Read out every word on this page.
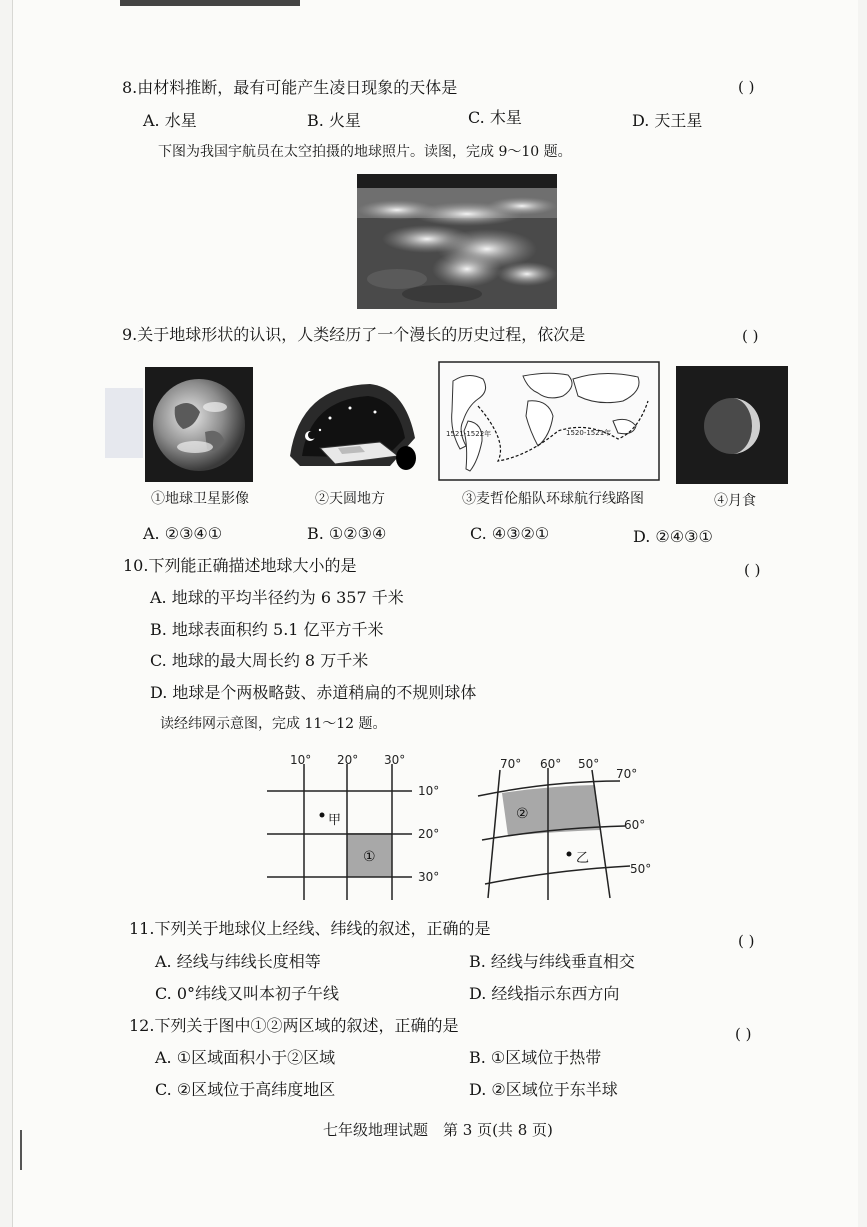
8.由材料推断，最有可能产生凌日现象的天体是	( )
A. 水星	B. 火星	C. 木星	D. 天王星
下图为我国宇航员在太空拍摄的地球照片。读图，完成 9～10 题。
9.关于地球形状的认识，人类经历了一个漫长的历史过程，依次是	( )
①地球卫星影像	②天圆地方
1521-1522年	1520-1521年
③麦哲伦船队环球航行线路图	④月食
A. ②③④①	B. ①②③④	C. ④③②①	D. ②④③①
10.下列能正确描述地球大小的是	( )
A. 地球的平均半径约为 6 357 千米
B. 地球表面积约 5.1 亿平方千米
C. 地球的最大周长约 8 万千米
D. 地球是个两极略鼓、赤道稍扁的不规则球体
读经纬网示意图，完成 11～12 题。
10° 20° 30°
10°
20°
30°
甲
①
70° 60° 50°
70°
60°
50°
②
乙
11.下列关于地球仪上经线、纬线的叙述，正确的是
( )
A. 经线与纬线长度相等	B. 经线与纬线垂直相交
C. 0°纬线又叫本初子午线	D. 经线指示东西方向
12.下列关于图中①②两区域的叙述，正确的是	( )
A. ①区域面积小于②区域	B. ①区域位于热带
C. ②区域位于高纬度地区	D. ②区域位于东半球
七年级地理试题　第 3 页(共 8 页)
